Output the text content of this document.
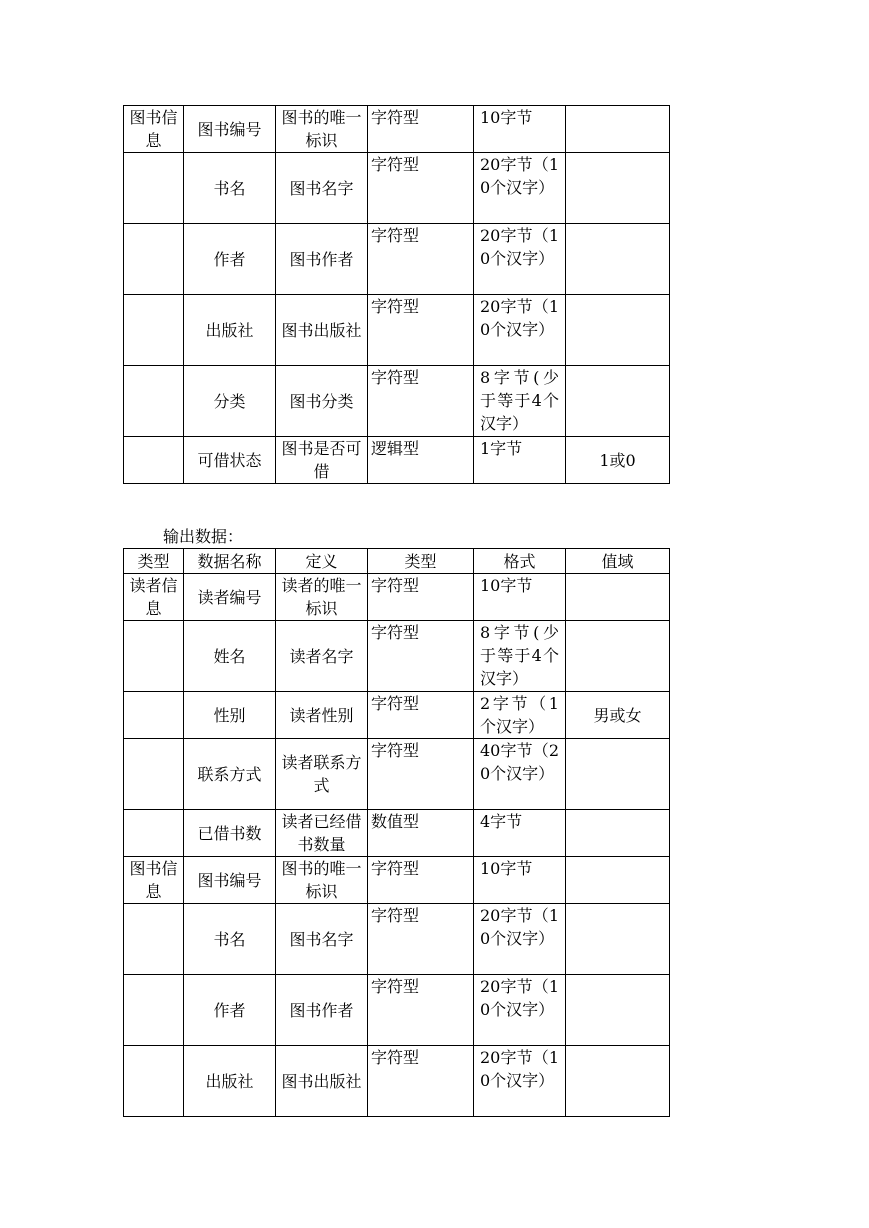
图书信息	图书编号	图书的唯一标识	字符型	10字节	
	书名	图书名字	字符型	20字节（10个汉字）	
	作者	图书作者	字符型	20字节（10个汉字）	
	出版社	图书出版社	字符型	20字节（10个汉字）	
	分类	图书分类	字符型	8字节(少于等于4个汉字）	
	可借状态	图书是否可借	逻辑型	1字节	1或0
输出数据：
类型	数据名称	定义	类型	格式	值域
读者信息	读者编号	读者的唯一标识	字符型	10字节	
	姓名	读者名字	字符型	8字节(少于等于4个汉字）	
	性别	读者性别	字符型	2字节（1个汉字）	男或女
	联系方式	读者联系方式	字符型	40字节（20个汉字）	
	已借书数	读者已经借书数量	数值型	4字节	
图书信息	图书编号	图书的唯一标识	字符型	10字节	
	书名	图书名字	字符型	20字节（10个汉字）	
	作者	图书作者	字符型	20字节（10个汉字）	
	出版社	图书出版社	字符型	20字节（10个汉字）	
